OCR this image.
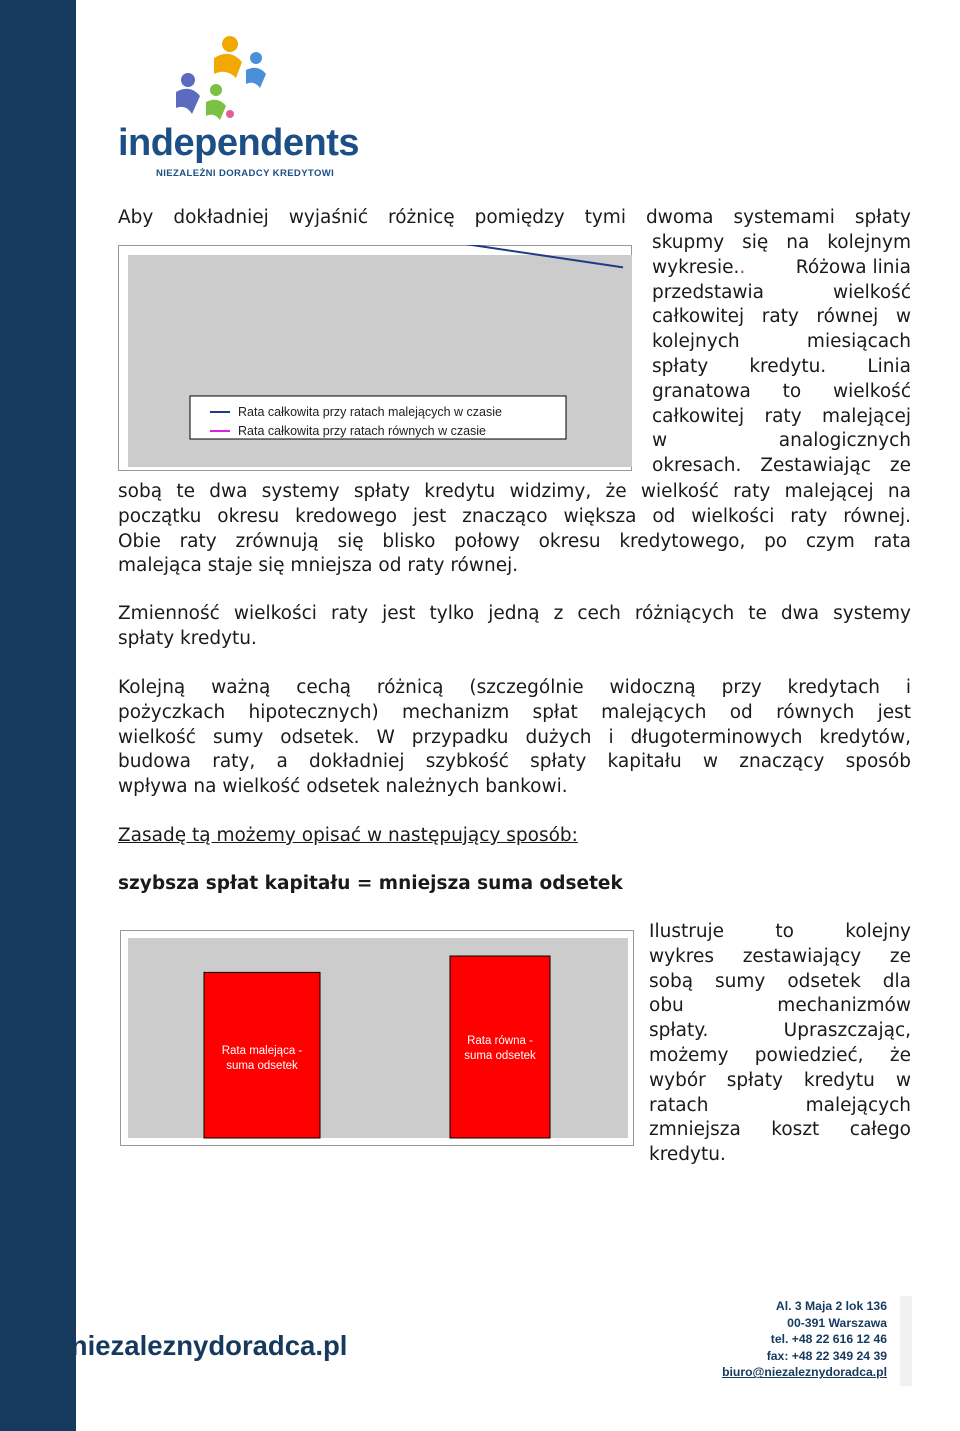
independents
NIEZALEŻNI DORADCY KREDYTOWI
Aby dokładniej wyjaśnić różnicę pomiędzy tymi dwoma systemami spłaty
skupmy się na kolejnym
wykresie..	Różowa linia
przedstawia wielkość
całkowitej raty równej w
kolejnych miesiącach
spłaty kredytu. Linia
granatowa to wielkość
całkowitej raty malejącej
w analogicznych
okresach. Zestawiając ze
Rata całkowita przy ratach malejących w czasie
Rata całkowita przy ratach równych w czasie
sobą te dwa systemy spłaty kredytu widzimy, że wielkość raty malejącej na
początku okresu kredowego jest znacząco większa od wielkości raty równej.
Obie raty zrównują się blisko połowy okresu kredytowego, po czym rata
malejąca staje się mniejsza od raty równej.
Zmienność wielkości raty jest tylko jedną z cech różniących te dwa systemy
spłaty kredytu.
Kolejną ważną cechą różnicą (szczególnie widoczną przy kredytach i
pożyczkach hipotecznych) mechanizm spłat malejących od równych jest
wielkość sumy odsetek. W przypadku dużych i długoterminowych kredytów,
budowa raty, a dokładniej szybkość spłaty kapitału w znaczący sposób
wpływa na wielkość odsetek należnych bankowi.
Zasadę tą możemy opisać w następujący sposób:
szybsza spłat kapitału = mniejsza suma odsetek
Rata malejąca -
suma odsetek
Rata równa -
suma odsetek
Ilustruje to kolejny
wykres zestawiający ze
sobą sumy odsetek dla
obu mechanizmów
spłaty. Upraszczając,
możemy powiedzieć, że
wybór spłaty kredytu w
ratach malejących
zmniejsza koszt całego
kredytu.
www.niezaleznydoradca.pl
Al. 3 Maja 2 lok 136
00-391 Warszawa
tel. +48 22 616 12 46
fax: +48 22 349 24 39
biuro@niezaleznydoradca.pl
